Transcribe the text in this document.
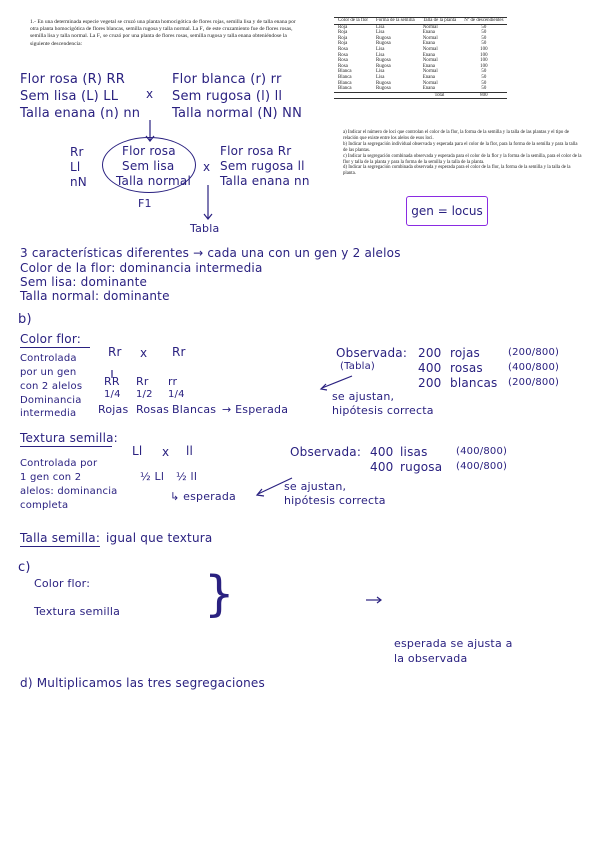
1.- En una determinada especie vegetal se cruzó una planta homocigótica de flores rojas, semilla lisa y de talla enana por otra planta homocigótica de flores blancas, semilla rugosa y talla normal. La F₁ de este cruzamiento fue de flores rosas, semilla lisa y talla normal. La F₁ se cruzó por una planta de flores rosas, semilla rugosa y talla enana obteniéndose la siguiente descendencia:
Color de la flor	Forma de la semilla	Talla de la planta	Nº de descendientes
Roja	Lisa	Normal	50
Roja	Lisa	Enana	50
Roja	Rugosa	Normal	50
Roja	Rugosa	Enana	50
Rosa	Lisa	Normal	100
Rosa	Lisa	Enana	100
Rosa	Rugosa	Normal	100
Rosa	Rugosa	Enana	100
Blanca	Lisa	Normal	50
Blanca	Lisa	Enana	50
Blanca	Rugosa	Normal	50
Blanca	Rugosa	Enana	50
		Total	800

a) Indicar el número de loci que controlan el color de la flor, la forma de la semilla y la talla de las plantas y el tipo de relación que existe entre los alelos de esos loci.

b) Indicar la segregación individual observada y esperada para el color de la flor, para la forma de la semilla y para la talla de las plantas.

c) Indicar la segregación combinada observada y esperada para el color de la flor y la forma de la semilla, para el color de la flor y talla de la planta y para la forma de la semilla y la talla de la planta.

d) Indicar la segregación combinada observada y esperada para el color de la flor, la forma de la semilla y la talla de la planta.

gen = locus
Flor rosa (R) RR
Sem lisa (L) LL
Talla enana (n) nn
x
Flor blanca (r) rr
Sem rugosa (l) ll
Talla normal (N) NN
Rr
Ll
nN
Flor rosa
Sem lisa
Talla normal
F1
x
Flor rosa Rr
Sem rugosa ll
Talla enana nn
Tabla
3 características diferentes → cada una con un gen y 2 alelos
Color de la flor: dominancia intermedia
Sem lisa: dominante
Talla normal: dominante
b)
Color flor:
Controlada
por un gen
con 2 alelos
Dominancia
intermedia
Rr x Rr
RR Rr rr
1/4 1/2 1/4
Rojas Rosas Blancas → Esperada
Observada:
(Tabla)
200 rojas	(200/800)
400 rosas	(400/800)
200 blancas (200/800)
se ajustan,
hipótesis correcta
Textura semilla:
Controlada por
1 gen con 2
alelos: dominancia
completa
Ll x ll
½ Ll ½ ll
↳ esperada
Observada: 400 lisas	(400/800)
400 rugosa (400/800)
se ajustan,
hipótesis correcta
Talla semilla: igual que textura
c)
Color flor:
Textura semilla }
esperada se ajusta a
la observada
d) Multiplicamos las tres segregaciones
